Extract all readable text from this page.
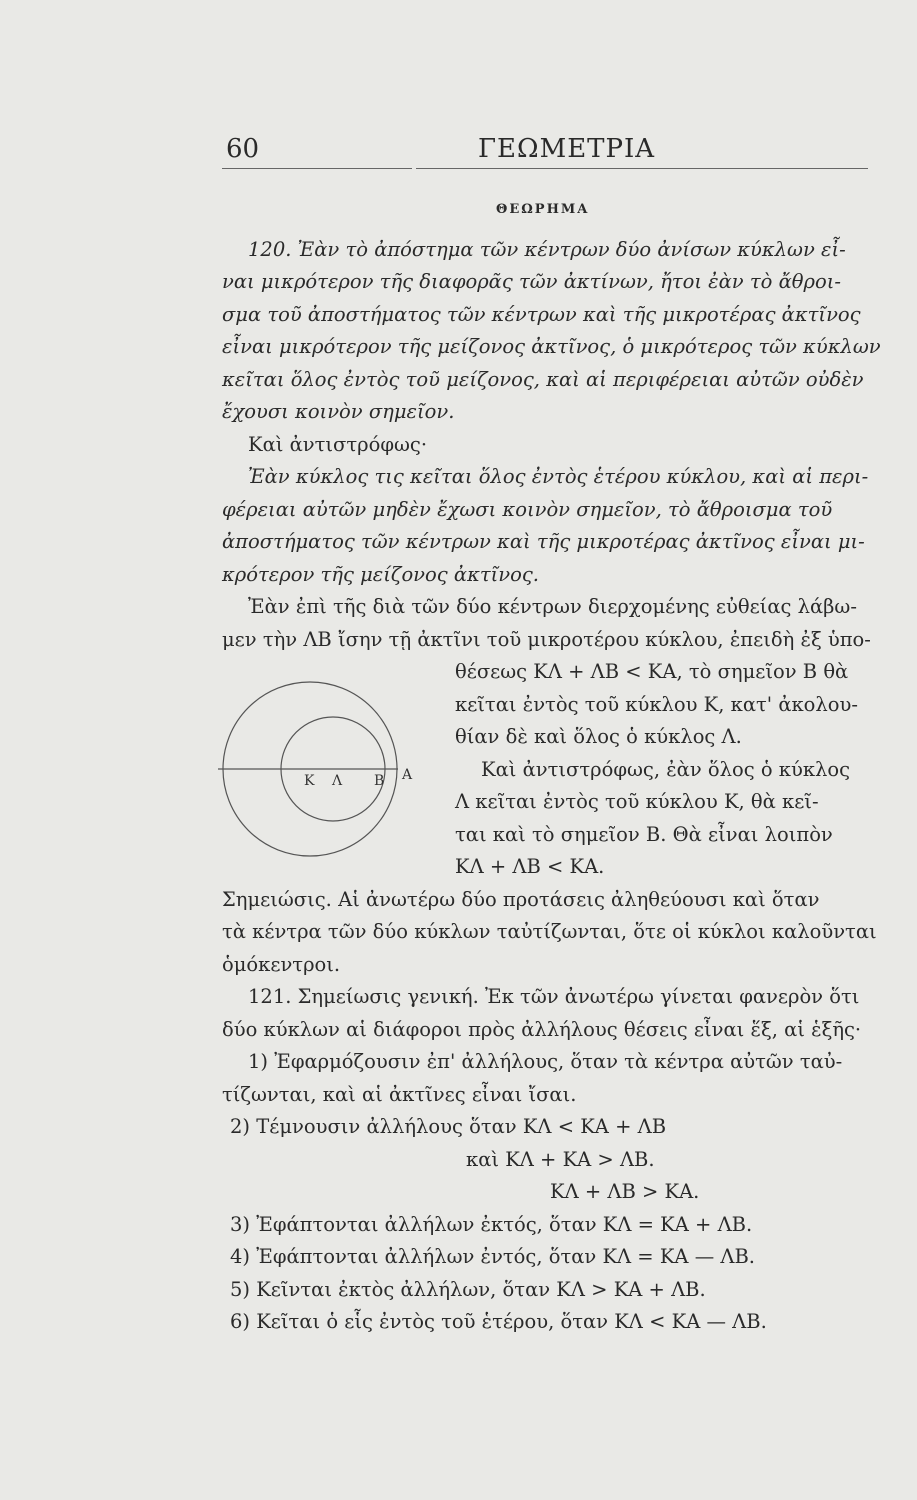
60	ΓΕΩΜΕΤΡΙΑ
ΘΕΩΡΗΜΑ
120. Ἐὰν τὸ ἀπόστημα τῶν κέντρων δύο ἀνίσων κύκλων εἶ-
ναι μικρότερον τῆς διαφορᾶς τῶν ἀκτίνων, ἤτοι ἐὰν τὸ ἄθροι-
σμα τοῦ ἀποστήματος τῶν κέντρων καὶ τῆς μικροτέρας ἀκτῖνος
εἶναι μικρότερον τῆς μείζονος ἀκτῖνος, ὁ μικρότερος τῶν κύκλων
κεῖται ὅλος ἐντὸς τοῦ μείζονος, καὶ αἱ περιφέρειαι αὐτῶν οὐδὲν
ἔχουσι κοινὸν σημεῖον.
Καὶ ἀντιστρόφως·
Ἐὰν κύκλος τις κεῖται ὅλος ἐντὸς ἑτέρου κύκλου, καὶ αἱ περι-
φέρειαι αὐτῶν μηδὲν ἔχωσι κοινὸν σημεῖον, τὸ ἄθροισμα τοῦ
ἀποστήματος τῶν κέντρων καὶ τῆς μικροτέρας ἀκτῖνος εἶναι μι-
κρότερον τῆς μείζονος ἀκτῖνος.
Ἐὰν ἐπὶ τῆς διὰ τῶν δύο κέντρων διερχομένης εὐθείας λάβω-
μεν τὴν ΛΒ ἴσην τῇ ἀκτῖνι τοῦ μικροτέρου κύκλου, ἐπειδὴ ἐξ ὑπο-
θέσεως ΚΛ + ΛΒ < ΚΑ, τὸ σημεῖον Β θὰ
κεῖται ἐντὸς τοῦ κύκλου Κ, κατ' ἀκολου-
θίαν δὲ καὶ ὅλος ὁ κύκλος Λ.
Καὶ ἀντιστρόφως, ἐὰν ὅλος ὁ κύκλος
Λ κεῖται ἐντὸς τοῦ κύκλου Κ, θὰ κεῖ-
ται καὶ τὸ σημεῖον Β. Θὰ εἶναι λοιπὸν
ΚΛ + ΛΒ < ΚΑ.
Κ Λ Β Α
Σημειώσις. Αἱ ἀνωτέρω δύο προτάσεις ἀληθεύουσι καὶ ὅταν
τὰ κέντρα τῶν δύο κύκλων ταὐτίζωνται, ὅτε οἱ κύκλοι καλοῦνται
ὁμόκεντροι.
121. Σημείωσις γενική. Ἐκ τῶν ἀνωτέρω γίνεται φανερὸν ὅτι
δύο κύκλων αἱ διάφοροι πρὸς ἀλλήλους θέσεις εἶναι ἕξ, αἱ ἑξῆς·
1) Ἐφαρμόζουσιν ἐπ' ἀλλήλους, ὅταν τὰ κέντρα αὐτῶν ταὐ-
τίζωνται, καὶ αἱ ἀκτῖνες εἶναι ἴσαι.
2) Τέμνουσιν ἀλλήλους ὅταν ΚΛ < ΚΑ + ΛΒ
καὶ ΚΛ + ΚΑ > ΛΒ.
ΚΛ + ΛΒ > ΚΑ.
3) Ἐφάπτονται ἀλλήλων ἐκτός, ὅταν ΚΛ = ΚΑ + ΛΒ.
4) Ἐφάπτονται ἀλλήλων ἐντός, ὅταν ΚΛ = ΚΑ — ΛΒ.
5) Κεῖνται ἐκτὸς ἀλλήλων, ὅταν ΚΛ > ΚΑ + ΛΒ.
6) Κεῖται ὁ εἷς ἐντὸς τοῦ ἑτέρου, ὅταν ΚΛ < ΚΑ — ΛΒ.
